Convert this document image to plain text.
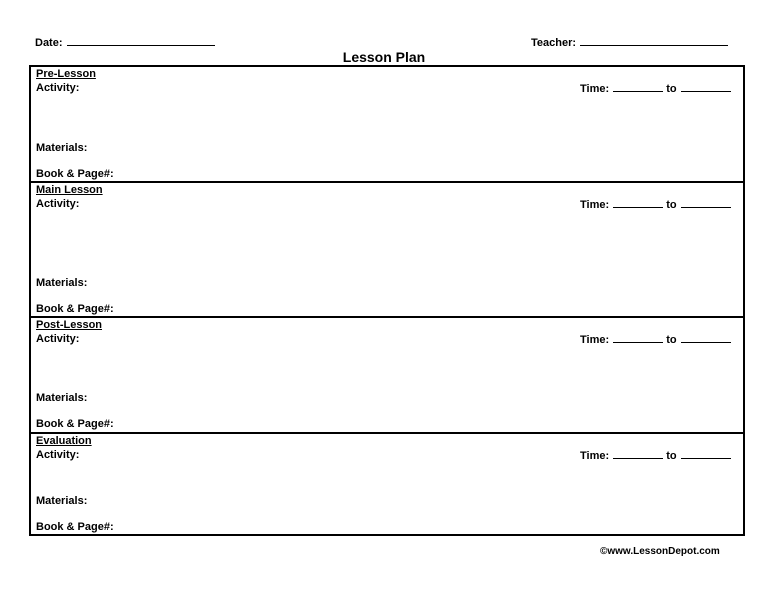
Date:	Teacher:
Lesson Plan
Pre-Lesson
Activity:	Time:	to
Materials:
Book & Page#:
Main Lesson
Activity:	Time:	to
Materials:
Book & Page#:
Post-Lesson
Activity:	Time:	to
Materials:
Book & Page#:
Evaluation
Activity:	Time:	to
Materials:
Book & Page#:
©www.LessonDepot.com
